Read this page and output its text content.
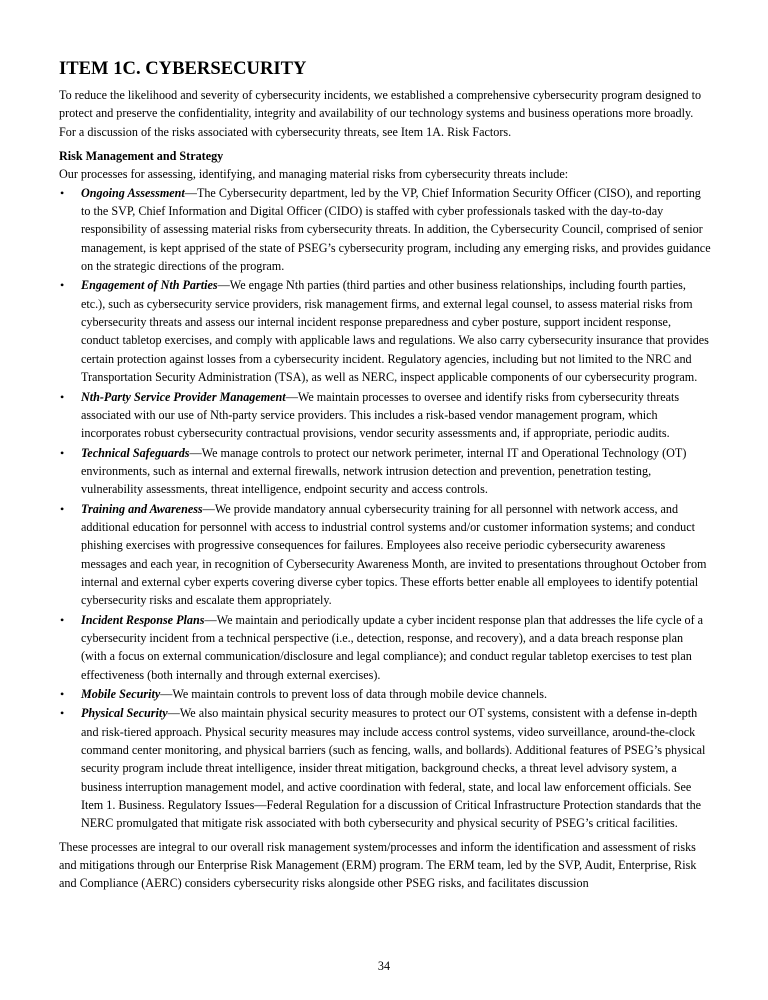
ITEM 1C. CYBERSECURITY

To reduce the likelihood and severity of cybersecurity incidents, we established a comprehensive cybersecurity program designed to protect and preserve the confidentiality, integrity and availability of our technology systems and business operations more broadly. For a discussion of the risks associated with cybersecurity threats, see Item 1A. Risk Factors.

Risk Management and Strategy

Our processes for assessing, identifying, and managing material risks from cybersecurity threats include:

• Ongoing Assessment—The Cybersecurity department, led by the VP, Chief Information Security Officer (CISO), and reporting to the SVP, Chief Information and Digital Officer (CIDO) is staffed with cyber professionals tasked with the day-to-day responsibility of assessing material risks from cybersecurity threats. In addition, the Cybersecurity Council, comprised of senior management, is kept apprised of the state of PSEG’s cybersecurity program, including any emerging risks, and provides guidance on the strategic directions of the program.
• Engagement of Nth Parties—We engage Nth parties (third parties and other business relationships, including fourth parties, etc.), such as cybersecurity service providers, risk management firms, and external legal counsel, to assess material risks from cybersecurity threats and assess our internal incident response preparedness and cyber posture, support incident response, conduct tabletop exercises, and comply with applicable laws and regulations. We also carry cybersecurity insurance that provides certain protection against losses from a cybersecurity incident. Regulatory agencies, including but not limited to the NRC and Transportation Security Administration (TSA), as well as NERC, inspect applicable components of our cybersecurity program.
• Nth-Party Service Provider Management—We maintain processes to oversee and identify risks from cybersecurity threats associated with our use of Nth-party service providers. This includes a risk-based vendor management program, which incorporates robust cybersecurity contractual provisions, vendor security assessments and, if appropriate, periodic audits.
• Technical Safeguards—We manage controls to protect our network perimeter, internal IT and Operational Technology (OT) environments, such as internal and external firewalls, network intrusion detection and prevention, penetration testing, vulnerability assessments, threat intelligence, endpoint security and access controls.
• Training and Awareness—We provide mandatory annual cybersecurity training for all personnel with network access, and additional education for personnel with access to industrial control systems and/or customer information systems; and conduct phishing exercises with progressive consequences for failures. Employees also receive periodic cybersecurity awareness messages and each year, in recognition of Cybersecurity Awareness Month, are invited to presentations throughout October from internal and external cyber experts covering diverse cyber topics. These efforts better enable all employees to identify potential cybersecurity risks and escalate them appropriately.
• Incident Response Plans—We maintain and periodically update a cyber incident response plan that addresses the life cycle of a cybersecurity incident from a technical perspective (i.e., detection, response, and recovery), and a data breach response plan (with a focus on external communication/disclosure and legal compliance); and conduct regular tabletop exercises to test plan effectiveness (both internally and through external exercises).
• Mobile Security—We maintain controls to prevent loss of data through mobile device channels.
• Physical Security—We also maintain physical security measures to protect our OT systems, consistent with a defense in-depth and risk-tiered approach. Physical security measures may include access control systems, video surveillance, around-the-clock command center monitoring, and physical barriers (such as fencing, walls, and bollards). Additional features of PSEG’s physical security program include threat intelligence, insider threat mitigation, background checks, a threat level advisory system, a business interruption management model, and active coordination with federal, state, and local law enforcement officials. See Item 1. Business. Regulatory Issues—Federal Regulation for a discussion of Critical Infrastructure Protection standards that the NERC promulgated that mitigate risk associated with both cybersecurity and physical security of PSEG’s critical facilities.

These processes are integral to our overall risk management system/processes and inform the identification and assessment of risks and mitigations through our Enterprise Risk Management (ERM) program. The ERM team, led by the SVP, Audit, Enterprise, Risk and Compliance (AERC) considers cybersecurity risks alongside other PSEG risks, and facilitates discussion

34
